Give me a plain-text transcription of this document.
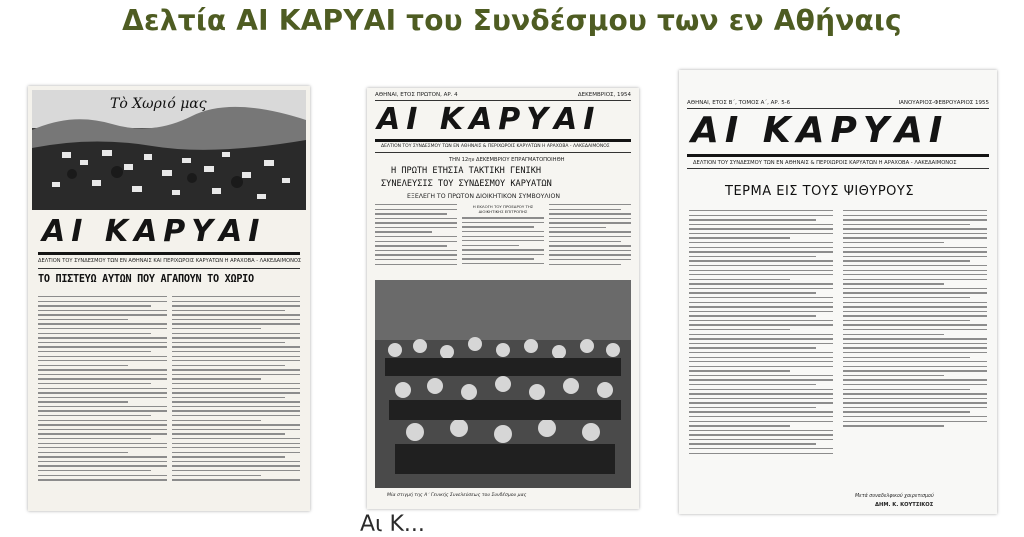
Δελτία ΑΙ ΚΑΡΥΑΙ του Συνδέσμου των εν Αθήναις
Τὸ Χωριό μας
ΑΙ ΚΑΡΥΑΙ
ΔΕΛΤΙΟΝ ΤΟΥ ΣΥΝΔΕΣΜΟΥ ΤΩΝ ΕΝ ΑΘΗΝΑΙΣ ΚΑΙ ΠΕΡΙΧΩΡΟΙΣ ΚΑΡΥΑΤΩΝ Η ΑΡΑΧΟΒΑ - ΛΑΚΕΔΑΙΜΟΝΟΣ
ΤΟ ΠΙΣΤΕΥΩ ΑΥΤΩΝ ΠΟΥ ΑΓΑΠΟΥΝ ΤΟ ΧΩΡΙΟ
ΑΘΗΝΑΙ, ΕΤΟΣ ΠΡΩΤΟΝ, ΑΡ. 4	ΔΕΚΕΜΒΡΙΟΣ, 1954
ΑΙ ΚΑΡΥΑΙ
ΔΕΛΤΙΟΝ ΤΟΥ ΣΥΝΔΕΣΜΟΥ ΤΩΝ ΕΝ ΑΘΗΝΑΙΣ & ΠΕΡΙΧΩΡΟΙΣ ΚΑΡΥΑΤΩΝ Η ΑΡΑΧΟΒΑ - ΛΑΚΕΔΑΙΜΟΝΟΣ
ΤΗΝ 12ην ΔΕΚΕΜΒΡΙΟΥ ΕΠΡΑΓΜΑΤΟΠΟΙΗΘΗ
Η ΠΡΩΤΗ ΕΤΗΣΙΑ ΤΑΚΤΙΚΗ ΓΕΝΙΚΗ
ΣΥΝΕΛΕΥΣΙΣ ΤΟΥ ΣΥΝΔΕΣΜΟΥ ΚΑΡΥΑΤΩΝ
ΕΞΕΛΕΓΗ ΤΟ ΠΡΩΤΟΝ ΔΙΟΙΚΗΤΙΚΟΝ ΣΥΜΒΟΥΛΙΟΝ
Η ΕΚΛΟΓΗ ΤΟΥ ΠΡΟΕΔΡΟΥ ΤΗΣ ΔΙΟΙΚΗΤΙΚΗΣ ΕΠΙΤΡΟΠΗΣ
Μία στιγμή της Α΄ Γενικής Συνελεύσεως του Συνδέσμου μας
ΑΘΗΝΑΙ, ΕΤΟΣ Β΄, ΤΟΜΟΣ Α΄, ΑΡ. 5-6	ΙΑΝΟΥΑΡΙΟΣ-ΦΕΒΡΟΥΑΡΙΟΣ 1955
ΑΙ ΚΑΡΥΑΙ
ΔΕΛΤΙΟΝ ΤΟΥ ΣΥΝΔΕΣΜΟΥ ΤΩΝ ΕΝ ΑΘΗΝΑΙΣ & ΠΕΡΙΧΩΡΟΙΣ ΚΑΡΥΑΤΩΝ Η ΑΡΑΧΟΒΑ - ΛΑΚΕΔΑΙΜΟΝΟΣ
ΤΕΡΜΑ ΕΙΣ ΤΟΥΣ ΨΙΘΥΡΟΥΣ
Μετά συναδελφικού χαιρετισμού
ΔΗΜ. Κ. ΚΟΥΤΣΙΚΟΣ
Αι Κ...
